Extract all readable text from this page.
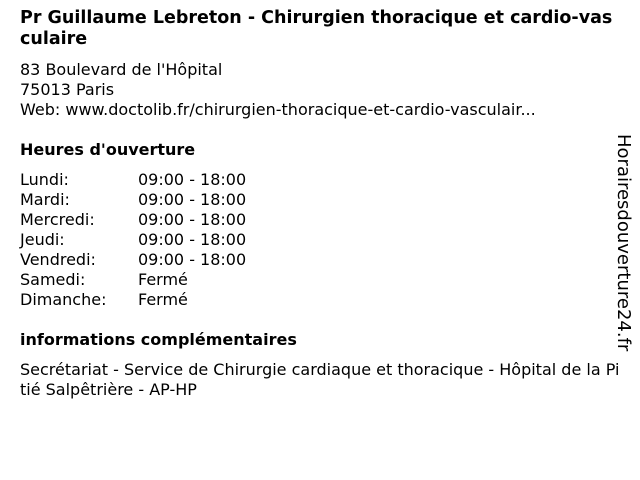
Pr Guillaume Lebreton - Chirurgien thoracique et cardio-vasculaire
83 Boulevard de l'Hôpital
75013 Paris
Web: www.doctolib.fr/chirurgien-thoracique-et-cardio-vasculair...
Heures d'ouverture
Lundi:	09:00 - 18:00
Mardi:	09:00 - 18:00
Mercredi:	09:00 - 18:00
Jeudi:	09:00 - 18:00
Vendredi:	09:00 - 18:00
Samedi:	Fermé
Dimanche:	Fermé
informations complémentaires
Secrétariat - Service de Chirurgie cardiaque et thoracique - Hôpital de la Pitié Salpêtrière - AP-HP
Horairesdouverture24.fr
